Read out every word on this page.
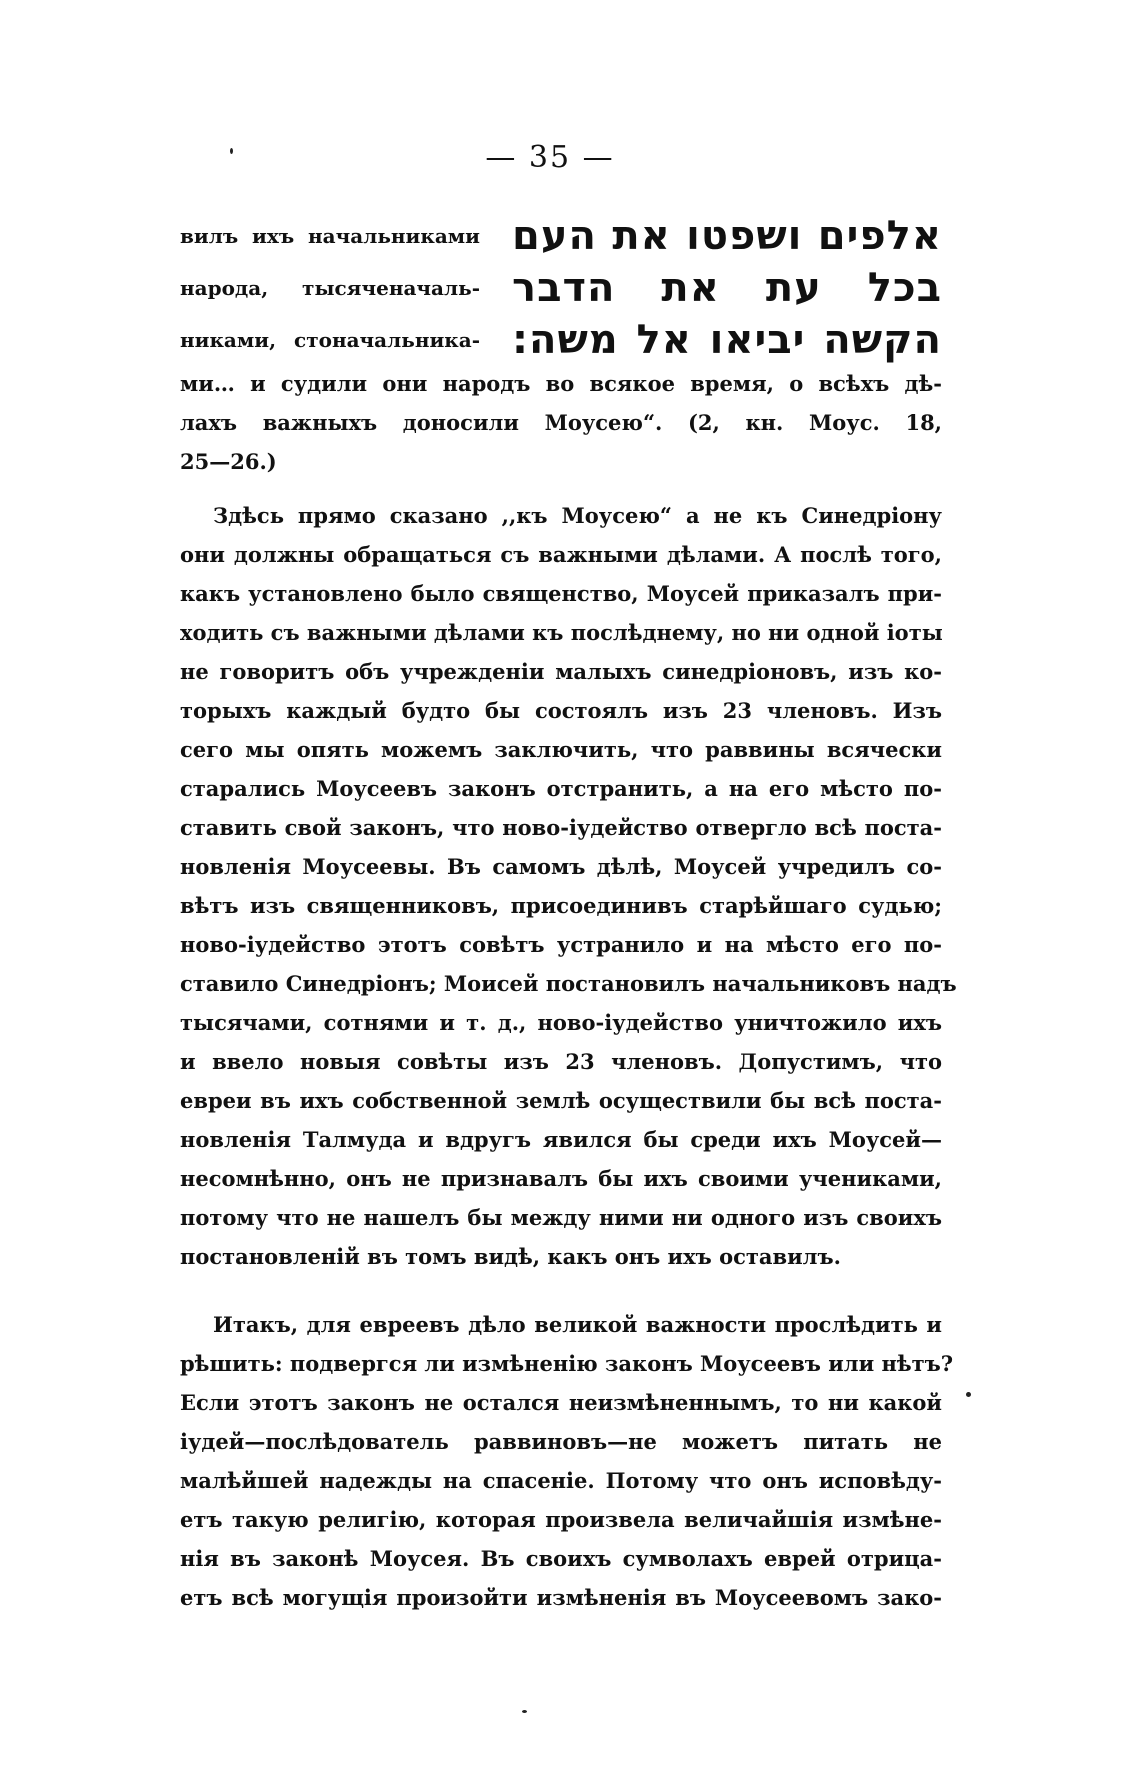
— 35 —
вилъ ихъ начальниками
народа, тысяченачаль-
никами, стоначальника-
אלפים ושפטו את העם
בכל עת את הדבר
הקשה יביאו אל משה:
ми… и судили они народъ во всякое время, о всѣхъ дѣ-
лахъ важныхъ доносили Моусею“. (2, кн. Моус. 18,
25—26.)
Здѣсь прямо сказано ,,къ Моусею“ а не къ Синедріону
они должны обращаться съ важными дѣлами. А послѣ того,
какъ установлено было священство, Моусей приказалъ при-
ходить съ важными дѣлами къ послѣднему, но ни одной іоты
не говоритъ объ учрежденіи малыхъ синедріоновъ, изъ ко-
торыхъ каждый будто бы состоялъ изъ 23 членовъ. Изъ
сего мы опять можемъ заключить, что раввины всячески
старались Моусеевъ законъ отстранить, а на его мѣсто по-
ставить свой законъ, что ново-іудейство отвергло всѣ поста-
новленія Моусеевы. Въ самомъ дѣлѣ, Моусей учредилъ со-
вѣтъ изъ священниковъ, присоединивъ старѣйшаго судью;
ново-іудейство этотъ совѣтъ устранило и на мѣсто его по-
ставило Синедріонъ; Моисей постановилъ начальниковъ надъ
тысячами, сотнями и т. д., ново-іудейство уничтожило ихъ
и ввело новыя совѣты изъ 23 членовъ. Допустимъ, что
евреи въ ихъ собственной землѣ осуществили бы всѣ поста-
новленія Талмуда и вдругъ явился бы среди ихъ Моусей—
несомнѣнно, онъ не признавалъ бы ихъ своими учениками,
потому что не нашелъ бы между ними ни одного изъ своихъ
постановленій въ томъ видѣ, какъ онъ ихъ оставилъ.
Итакъ, для евреевъ дѣло великой важности прослѣдить и
рѣшить: подвергся ли измѣненію законъ Моусеевъ или нѣтъ?
Если этотъ законъ не остался неизмѣненнымъ, то ни какой
іудей—послѣдователь раввиновъ—не можетъ питать не
малѣйшей надежды на спасеніе. Потому что онъ исповѣду-
етъ такую религію, которая произвела величайшія измѣне-
нія въ законѣ Моусея. Въ своихъ сумволахъ еврей отрица-
етъ всѣ могущія произойти измѣненія въ Моусеевомъ зако-
